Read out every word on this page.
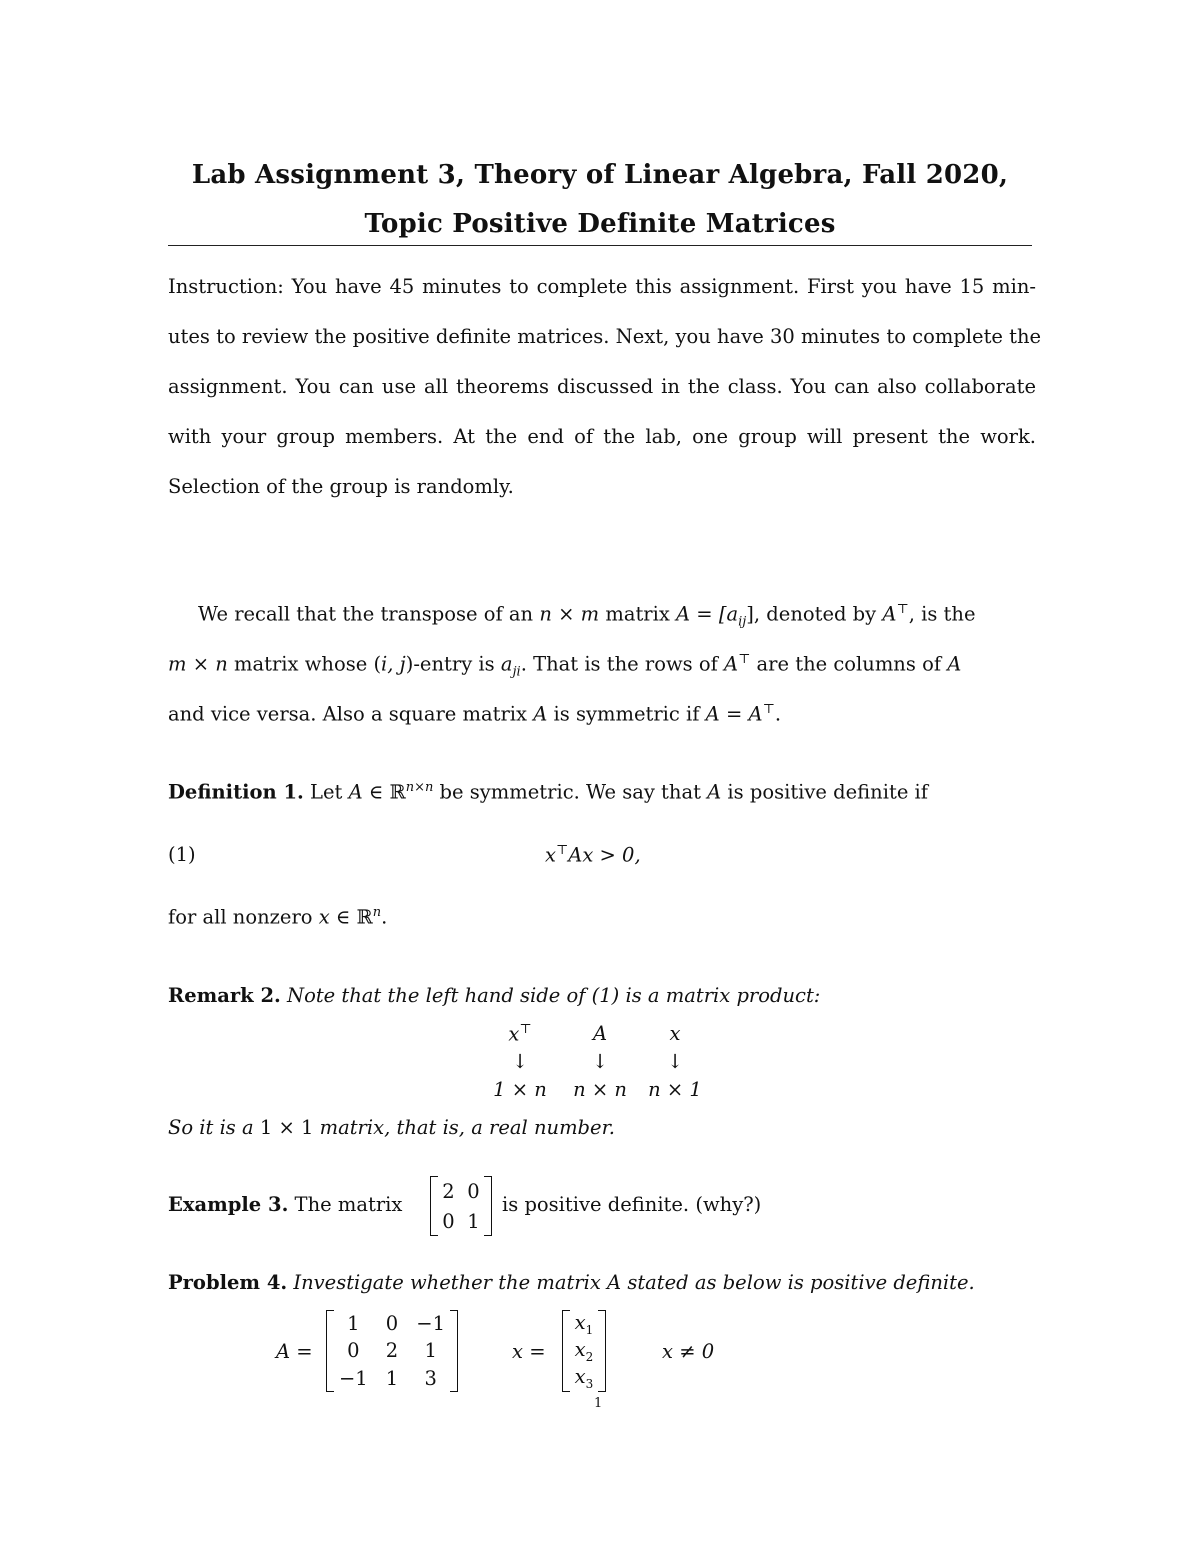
Lab Assignment 3, Theory of Linear Algebra, Fall 2020,
Topic Positive Definite Matrices
Instruction: You have 45 minutes to complete this assignment. First you have 15 min-
utes to review the positive definite matrices. Next, you have 30 minutes to complete the
assignment. You can use all theorems discussed in the class. You can also collaborate
with your group members. At the end of the lab, one group will present the work.
Selection of the group is randomly.
We recall that the transpose of an n × m matrix $A = [a_{ij}]$, denoted by A⊤, is the
m × n matrix whose (i, j)-entry is $a_{ji}$. That is the rows of A⊤ are the columns of A
and vice versa. Also a square matrix A is symmetric if A = A⊤.
Definition 1. Let A ∈ ℝ$^{n\times n}$ be symmetric. We say that A is positive definite if
(1)	x⊤Ax > 0,
for all nonzero x ∈ ℝ$^n$.
Remark 2. Note that the left hand side of (1) is a matrix product:
x⊤	A	x
↓	↓	↓
1 × n	n × n	n × 1
So it is a 1 × 1 matrix, that is, a real number.
Example 3. The matrix
2 0
0 1
is positive definite. (why?)
Problem 4. Investigate whether the matrix A stated as below is positive definite.
A =
1	0 −1
0	2	1
−1 1	3
x =
$x_1$
$x_2$
$x_3$
x ≠ 0
1
